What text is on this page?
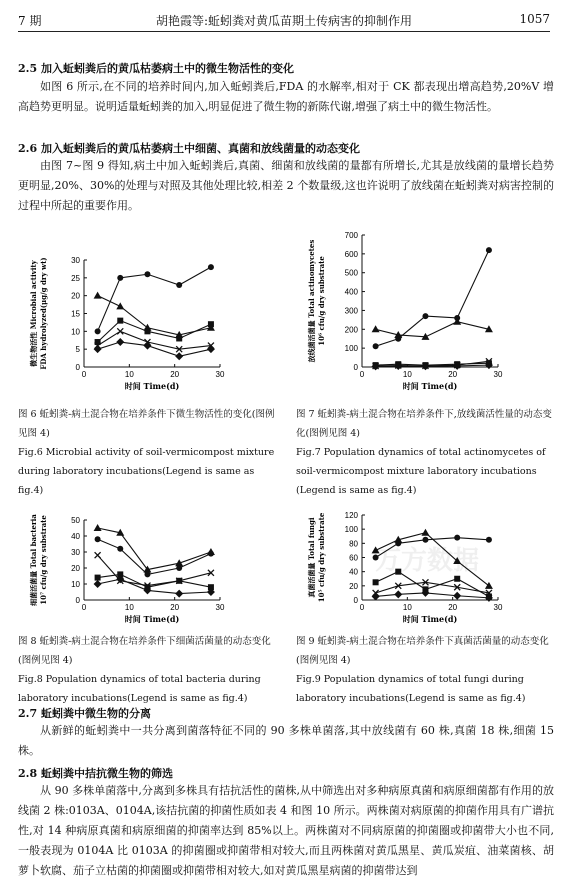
7 期	胡艳霞等:蚯蚓粪对黄瓜苗期土传病害的抑制作用	1057
2.5 加入蚯蚓粪后的黄瓜枯萎病土中的微生物活性的变化
如图 6 所示,在不同的培养时间内,加入蚯蚓粪后,FDA 的水解率,相对于 CK 都表现出增高趋势,20%V 增高趋势更明显。说明适量蚯蚓粪的加入,明显促进了微生物的新陈代谢,增强了病土中的微生物活性。
2.6 加入蚯蚓粪后的黄瓜枯萎病土中细菌、真菌和放线菌量的动态变化
由图 7~图 9 得知,病土中加入蚯蚓粪后,真菌、细菌和放线菌的量都有所增长,尤其是放线菌的量增长趋势更明显,20%、30%的处理与对照及其他处理比较,相差 2 个数量级,这也许说明了放线菌在蚯蚓粪对病害控制的过程中所起的重要作用。
0
5
10
15
20
25
30
0	10	20	30
时间 Time(d)
微生物活性 Microbial activity FDA hydrolyzed(μg/g dry wt)	0
100
200
300
400
500
600
700
0	10	20	30
时间 Time(d)
放线菌活菌量 Total actinomycetes 10⁶ cfu/g dry substrate
0
10
20
30
40
50
0	10	20	30
时间 Time(d)
细菌活菌量 Total bacteria 10⁷ cfu/g dry substrate	0
20
40
60
80
100
120
0	10	20	30
时间 Time(d)
真菌活菌量 Total fungi 10⁵ cfu/g dry substrate 万方数据
图 6 蚯蚓粪-病土混合物在培养条件下微生物活性的变化(图例见图 4)
Fig.6 Microbial activity of soil-vermicompost mixture during laboratory incubations(Legend is same as fig.4)
图 7 蚯蚓粪-病土混合物在培养条件下,放线菌活性量的动态变化(图例见图 4)
Fig.7 Population dynamics of total actinomycetes of soil-vermicompost mixture laboratory incubations (Legend is same as fig.4)
图 8 蚯蚓粪-病土混合物在培养条件下细菌活菌量的动态变化(图例见图 4)
Fig.8 Population dynamics of total bacteria during laboratory incubations(Legend is same as fig.4)
图 9 蚯蚓粪-病土混合物在培养条件下真菌活菌量的动态变化(图例见图 4)
Fig.9 Population dynamics of total fungi during laboratory incubations(Legend is same as fig.4)
2.7 蚯蚓粪中微生物的分离
从新鲜的蚯蚓粪中一共分离到菌落特征不同的 90 多株单菌落,其中放线菌有 60 株,真菌 18 株,细菌 15 株。
2.8 蚯蚓粪中拮抗微生物的筛选
从 90 多株单菌落中,分离到多株具有拮抗活性的菌株,从中筛选出对多种病原真菌和病原细菌都有作用的放线菌 2 株:0103A、0104A,该拮抗菌的抑菌性质如表 4 和图 10 所示。两株菌对病原菌的抑菌作用具有广谱抗性,对 14 种病原真菌和病原细菌的抑菌率达到 85%以上。两株菌对不同病原菌的抑菌圈或抑菌带大小也不同,一般表现为 0104A 比 0103A 的抑菌圈或抑菌带相对较大,而且两株菌对黄瓜黑星、黄瓜炭疽、油菜菌核、胡萝卜软腐、茄子立枯菌的抑菌圈或抑菌带相对较大,如对黄瓜黑星病菌的抑菌带达到
